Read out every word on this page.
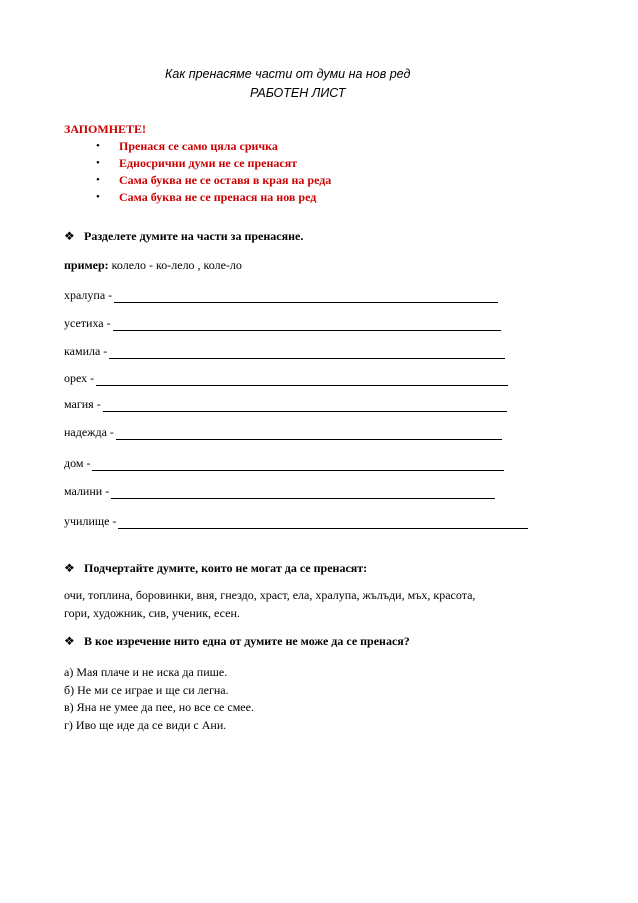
Как пренасяме части от думи на нов ред
РАБОТЕН ЛИСТ
ЗАПОМНЕТЕ!
• Пренася се само цяла сричка
• Едносрични думи не се пренасят
• Сама буква не се оставя в края на реда
• Сама буква не се пренася на нов ред
❖ Разделете думите на части за пренасяне.
пример: колело - ко-лело , коле-ло
хралупа -
усетиха -
камила -
орех -
магия -
надежда -
дом -
малини -
училище -
❖ Подчертайте думите, които не могат да се пренасят:
очи, топлина, боровинки, вня, гнездо, храст, ела, хралупа, жълъди, мъх, красота,
гори, художник, сив, ученик, есен.
❖ В кое изречение нито една от думите не може да се пренася?
а) Мая плаче и не иска да пише.
б) Не ми се играе и ще си легна.
в) Яна не умее да пее, но все се смее.
г) Иво ще иде да се види с Ани.
